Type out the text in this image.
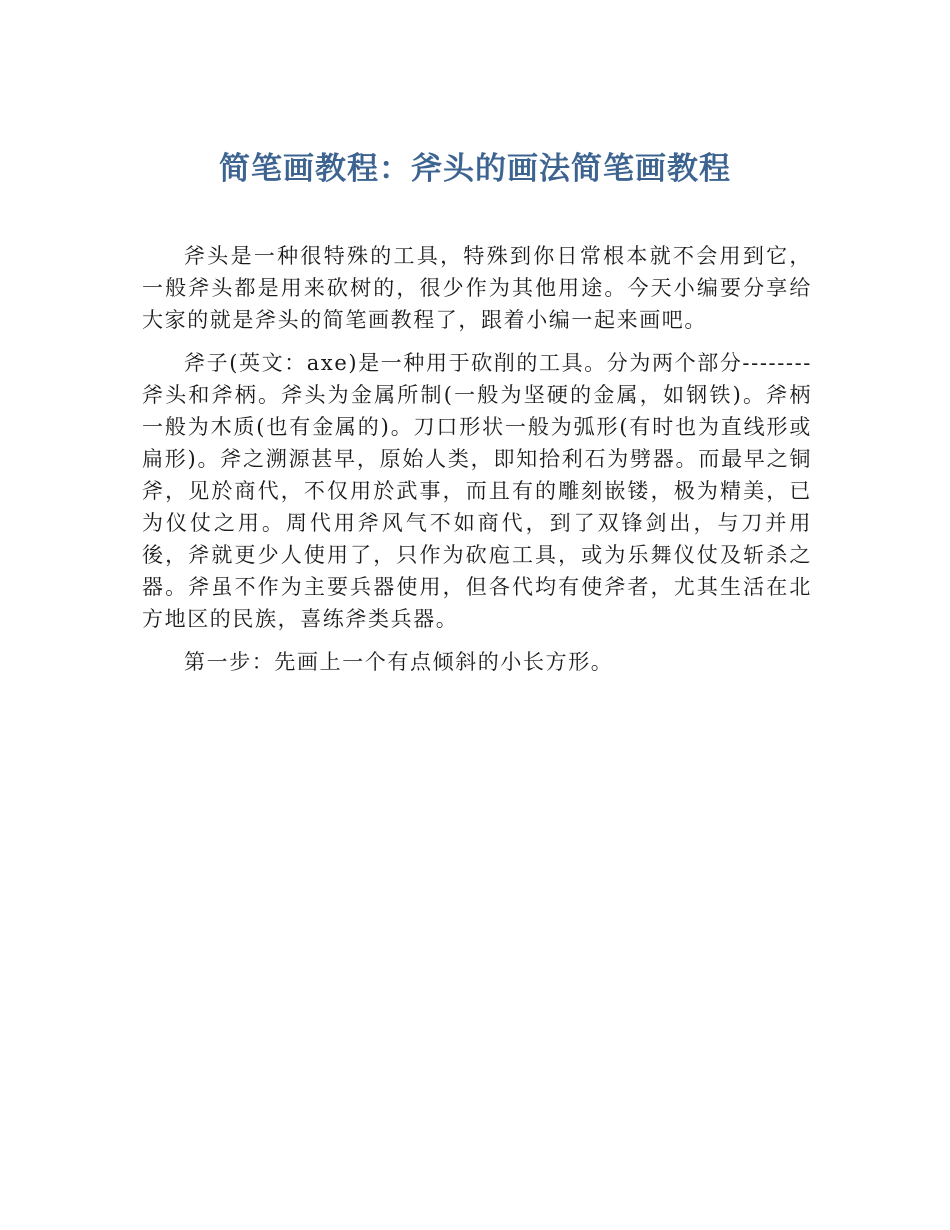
简笔画教程：斧头的画法简笔画教程

斧头是一种很特殊的工具，特殊到你日常根本就不会用到它，一般斧头都是用来砍树的，很少作为其他用途。今天小编要分享给大家的就是斧头的简笔画教程了，跟着小编一起来画吧。

斧子(英文：axe)是一种用于砍削的工具。分为两个部分--------斧头和斧柄。斧头为金属所制(一般为坚硬的金属，如钢铁)。斧柄一般为木质(也有金属的)。刀口形状一般为弧形(有时也为直线形或扁形)。斧之溯源甚早，原始人类，即知拾利石为劈器。而最早之铜斧，见於商代，不仅用於武事，而且有的雕刻嵌镂，极为精美，已为仪仗之用。周代用斧风气不如商代，到了双锋剑出，与刀并用後，斧就更少人使用了，只作为砍庖工具，或为乐舞仪仗及斩杀之器。斧虽不作为主要兵器使用，但各代均有使斧者，尤其生活在北方地区的民族，喜练斧类兵器。

第一步：先画上一个有点倾斜的小长方形。
